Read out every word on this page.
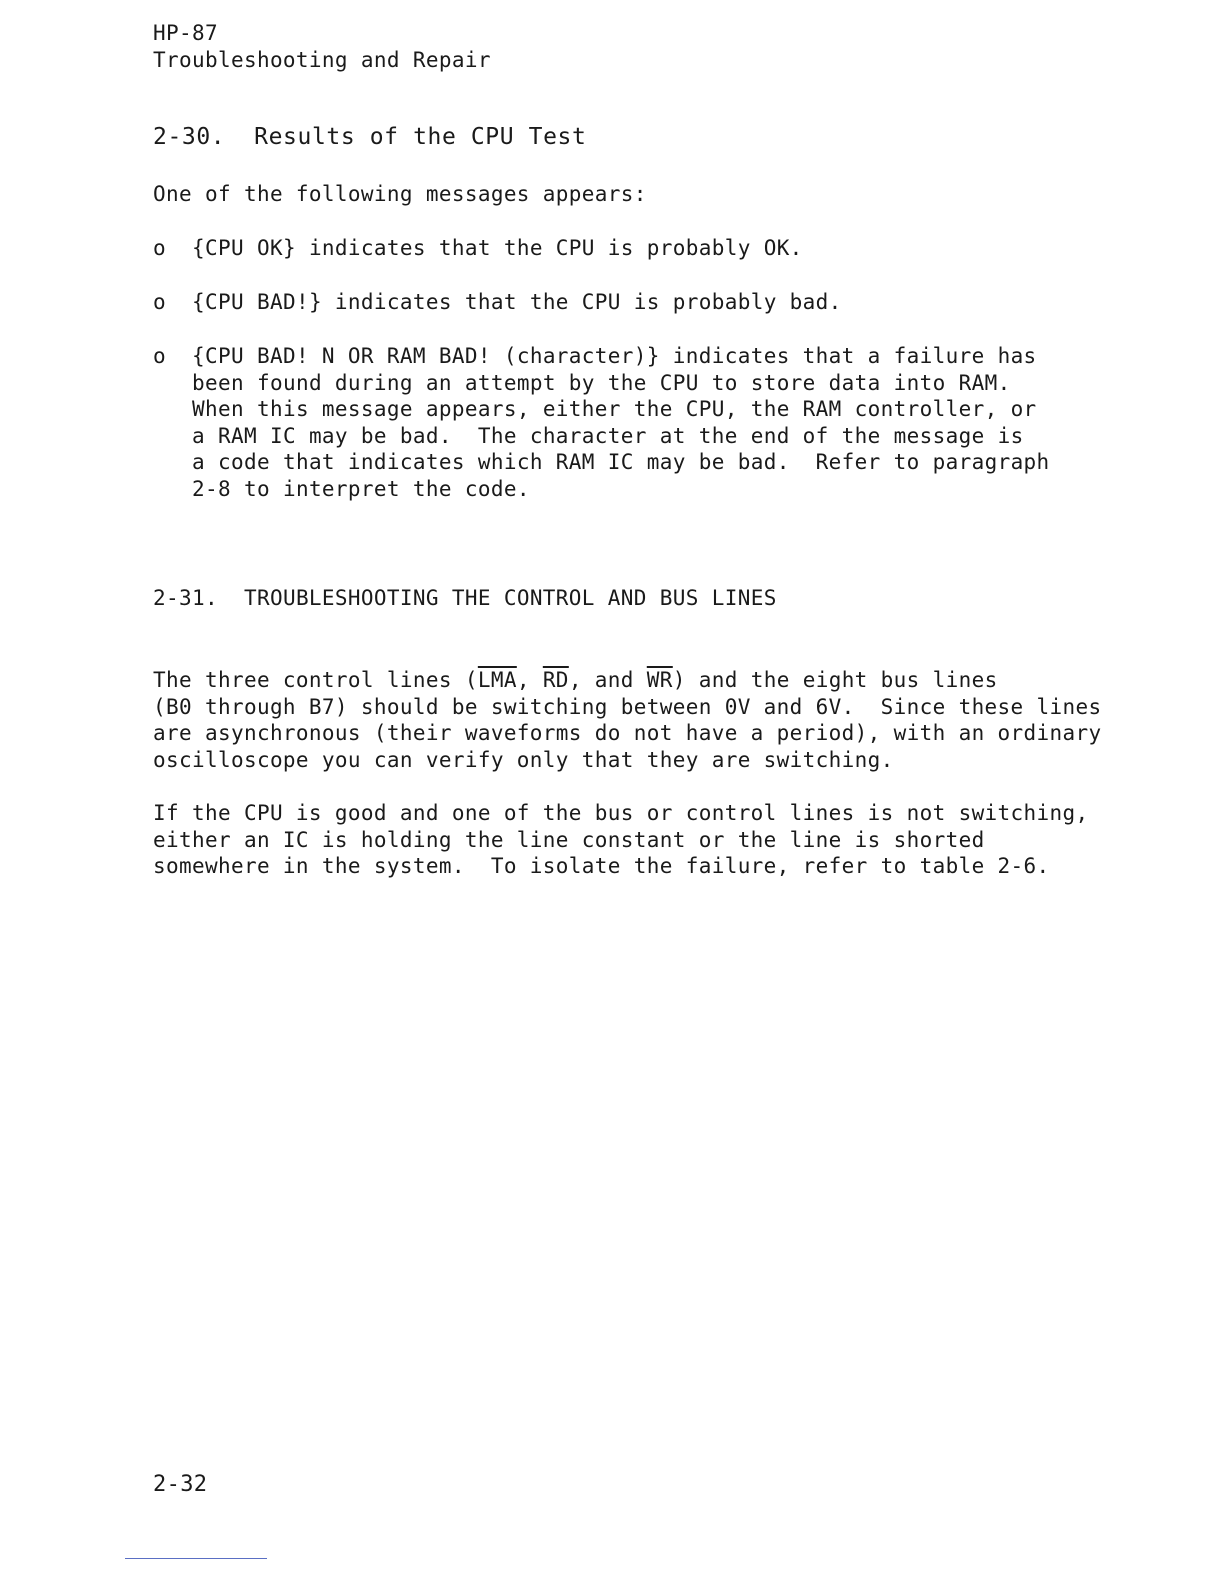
HP-87
Troubleshooting and Repair
2-30. Results of the CPU Test
One of the following messages appears:
o {CPU OK} indicates that the CPU is probably OK.
o {CPU BAD!} indicates that the CPU is probably bad.
o {CPU BAD! N OR RAM BAD! (character)} indicates that a failure has
been found during an attempt by the CPU to store data into RAM.
When this message appears, either the CPU, the RAM controller, or
a RAM IC may be bad.  The character at the end of the message is
a code that indicates which RAM IC may be bad.  Refer to paragraph
2-8 to interpret the code.
2-31. TROUBLESHOOTING THE CONTROL AND BUS LINES
The three control lines ($\overline{LMA}$, $\overline{RD}$, and $\overline{WR}$) and the eight bus lines
(B0 through B7) should be switching between 0V and 6V.  Since these lines
are asynchronous (their waveforms do not have a period), with an ordinary
oscilloscope you can verify only that they are switching.
If the CPU is good and one of the bus or control lines is not switching,
either an IC is holding the line constant or the line is shorted
somewhere in the system.  To isolate the failure, refer to table 2-6.
2-32
